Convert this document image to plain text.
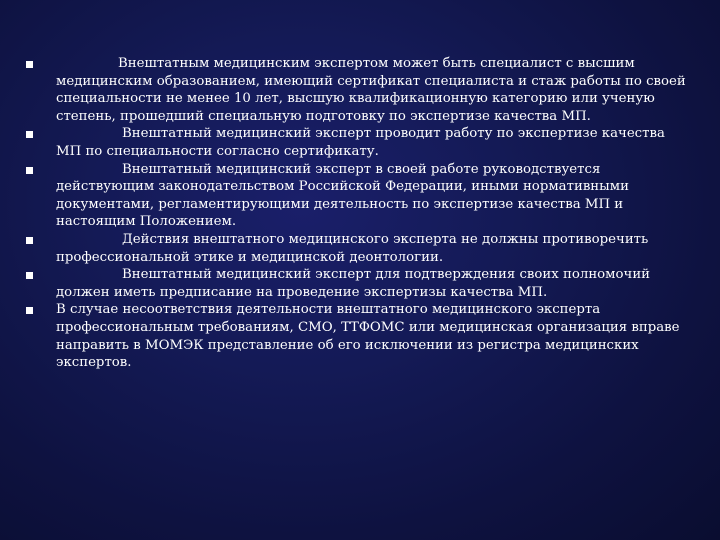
Внештатным медицинским экспертом может быть специалист с высшим медицинским образованием, имеющий сертификат специалиста и стаж работы по своей специальности не менее 10 лет, высшую квалификационную категорию или ученую степень, прошедший специальную подготовку по экспертизе качества МП.
Внештатный медицинский эксперт проводит работу по экспертизе качества МП по специальности согласно сертификату.
Внештатный медицинский эксперт в своей работе руководствуется действующим законодательством Российской Федерации, иными нормативными документами, регламентирующими деятельность по экспертизе качества МП и настоящим Положением.
Действия внештатного медицинского эксперта не должны противоречить профессиональной этике и медицинской деонтологии.
Внештатный медицинский эксперт для подтверждения своих полномочий должен иметь предписание на проведение экспертизы качества МП.
В случае несоответствия деятельности внештатного медицинского эксперта профессиональным требованиям, СМО, ТТФОМС или медицинская организация вправе направить в МОМЭК представление об его исключении из регистра медицинских экспертов.
